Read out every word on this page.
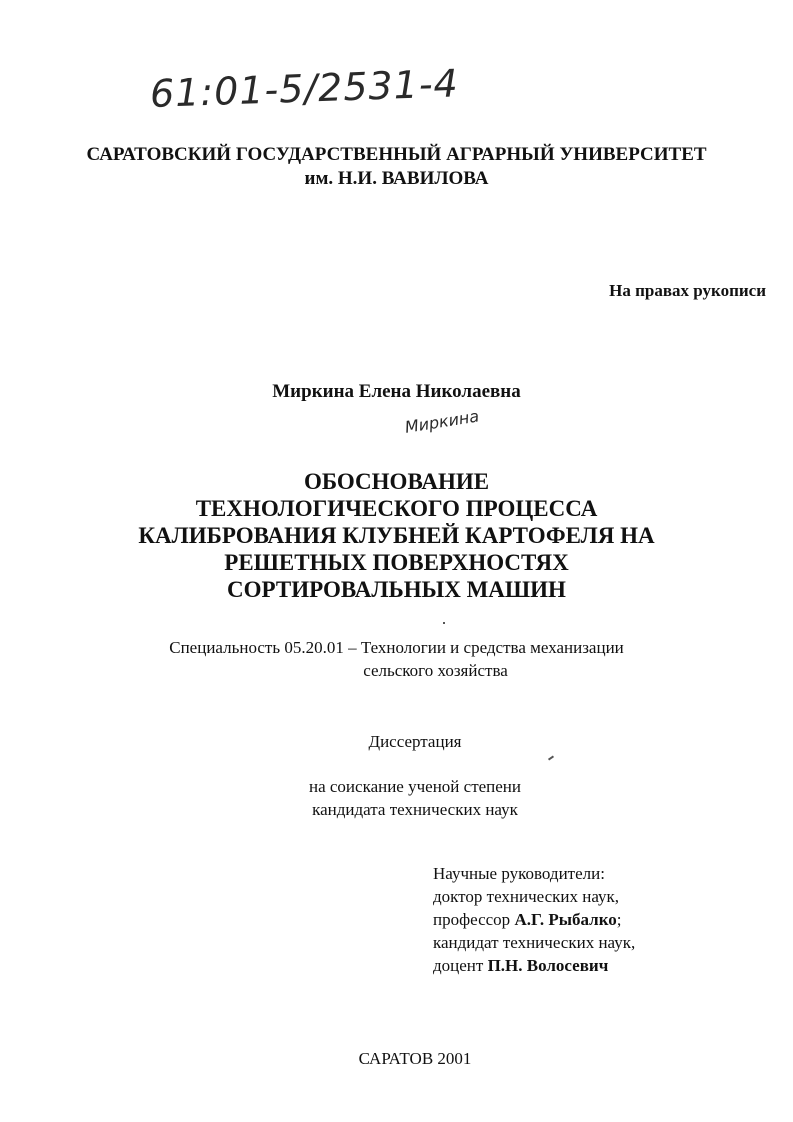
61:01-5/2531-4
САРАТОВСКИЙ ГОСУДАРСТВЕННЫЙ АГРАРНЫЙ УНИВЕРСИТЕТ
им. Н.И. ВАВИЛОВА
На правах рукописи
Миркина Елена Николаевна
Миркина
ОБОСНОВАНИЕ
ТЕХНОЛОГИЧЕСКОГО ПРОЦЕССА
КАЛИБРОВАНИЯ КЛУБНЕЙ КАРТОФЕЛЯ НА
РЕШЕТНЫХ ПОВЕРХНОСТЯХ
СОРТИРОВАЛЬНЫХ МАШИН
Специальность 05.20.01 – Технологии и средства механизации
сельского хозяйства
Диссертация
на соискание ученой степени
кандидата технических наук
Научные руководители:
доктор технических наук,
профессор А.Г. Рыбалко;
кандидат технических наук,
доцент П.Н. Волосевич
САРАТОВ 2001
